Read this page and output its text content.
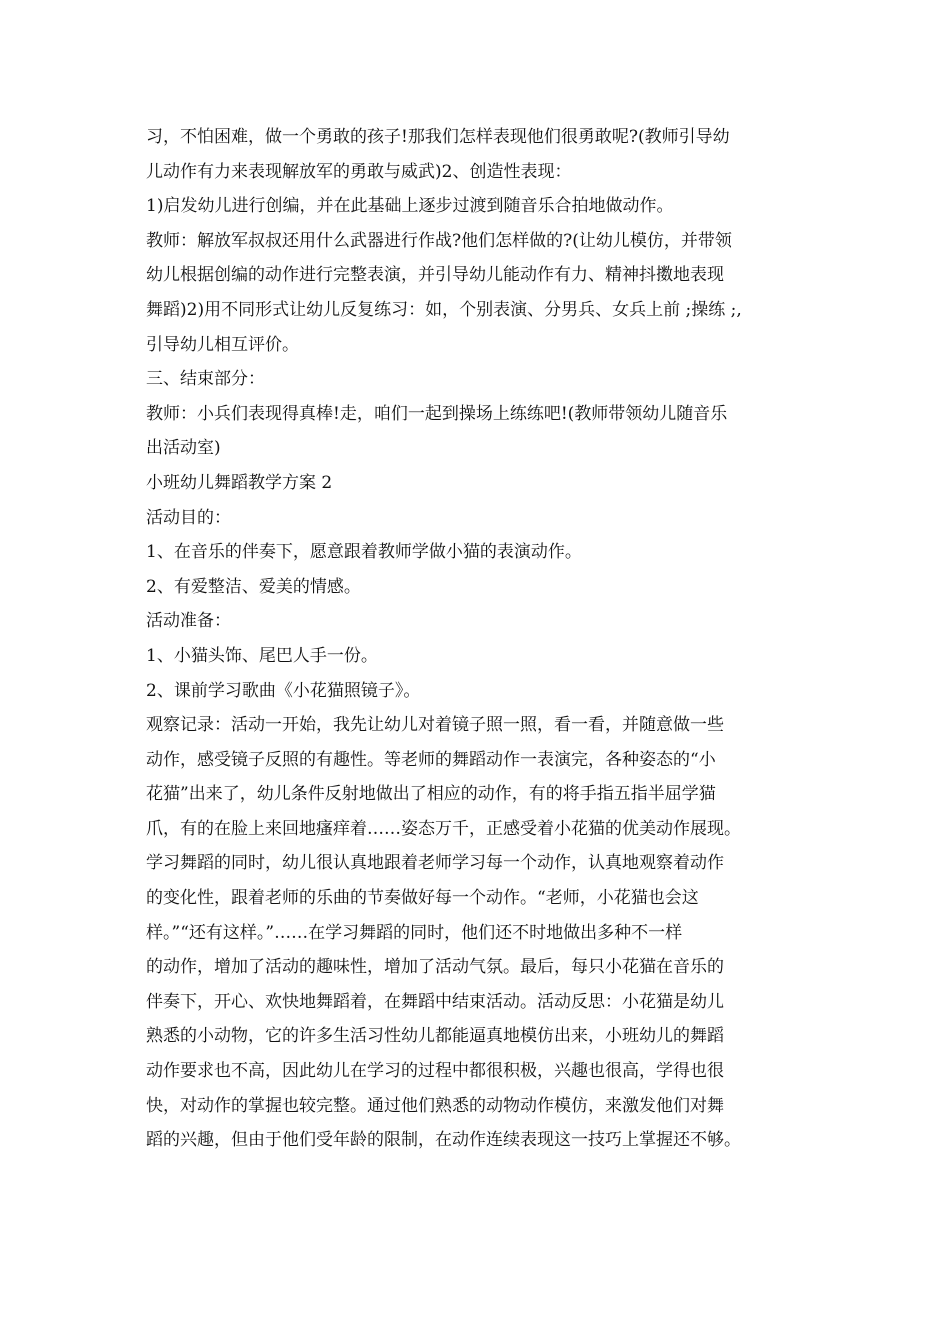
习，不怕困难，做一个勇敢的孩子!那我们怎样表现他们很勇敢呢?(教师引导幼
儿动作有力来表现解放军的勇敢与威武)2、创造性表现：
1)启发幼儿进行创编，并在此基础上逐步过渡到随音乐合拍地做动作。
教师：解放军叔叔还用什么武器进行作战?他们怎样做的?(让幼儿模仿，并带领
幼儿根据创编的动作进行完整表演，并引导幼儿能动作有力、精神抖擞地表现
舞蹈)2)用不同形式让幼儿反复练习：如，个别表演、分男兵、女兵上前 ;操练 ;,
引导幼儿相互评价。
三、结束部分：
教师：小兵们表现得真棒!走，咱们一起到操场上练练吧!(教师带领幼儿随音乐
出活动室)
小班幼儿舞蹈教学方案 2
活动目的：
1、在音乐的伴奏下，愿意跟着教师学做小猫的表演动作。
2、有爱整洁、爱美的情感。
活动准备：
1、小猫头饰、尾巴人手一份。
2、课前学习歌曲《小花猫照镜子》。
观察记录：活动一开始，我先让幼儿对着镜子照一照，看一看，并随意做一些
动作，感受镜子反照的有趣性。等老师的舞蹈动作一表演完，各种姿态的“小
花猫”出来了，幼儿条件反射地做出了相应的动作，有的将手指五指半屈学猫
爪，有的在脸上来回地瘙痒着……姿态万千，正感受着小花猫的优美动作展现。
学习舞蹈的同时，幼儿很认真地跟着老师学习每一个动作，认真地观察着动作
的变化性，跟着老师的乐曲的节奏做好每一个动作。“老师，小花猫也会这
样。”“还有这样。”……在学习舞蹈的同时，他们还不时地做出多种不一样
的动作，增加了活动的趣味性，增加了活动气氛。最后，每只小花猫在音乐的
伴奏下，开心、欢快地舞蹈着，在舞蹈中结束活动。活动反思：小花猫是幼儿
熟悉的小动物，它的许多生活习性幼儿都能逼真地模仿出来，小班幼儿的舞蹈
动作要求也不高，因此幼儿在学习的过程中都很积极，兴趣也很高，学得也很
快，对动作的掌握也较完整。通过他们熟悉的动物动作模仿，来激发他们对舞
蹈的兴趣，但由于他们受年龄的限制，在动作连续表现这一技巧上掌握还不够。
